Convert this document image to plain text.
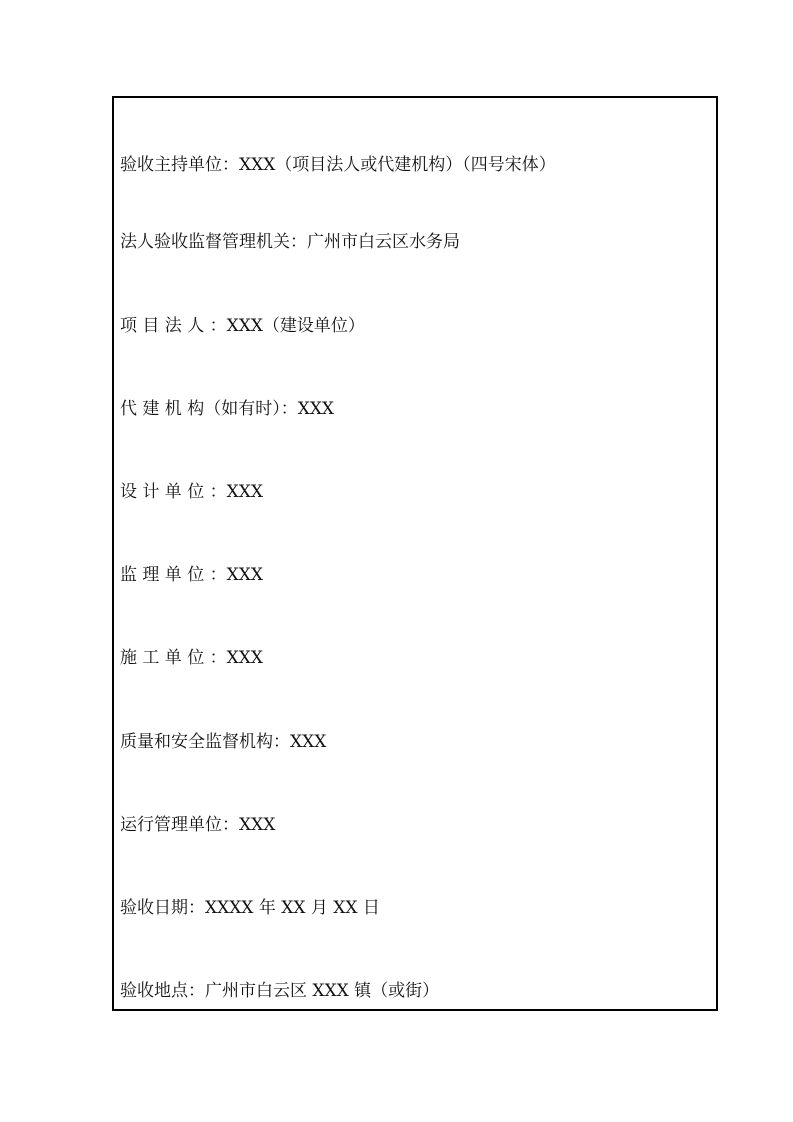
验收主持单位：XXX（项目法人或代建机构）（四号宋体）
法人验收监督管理机关：广州市白云区水务局
项 目 法 人 ：XXX（建设单位）
代 建 机 构（如有时）：XXX
设 计 单 位 ：XXX
监 理 单 位 ：XXX
施 工 单 位 ：XXX
质量和安全监督机构：XXX
运行管理单位：XXX
验收日期：XXXX 年 XX 月 XX 日
验收地点：广州市白云区 XXX 镇（或街）
